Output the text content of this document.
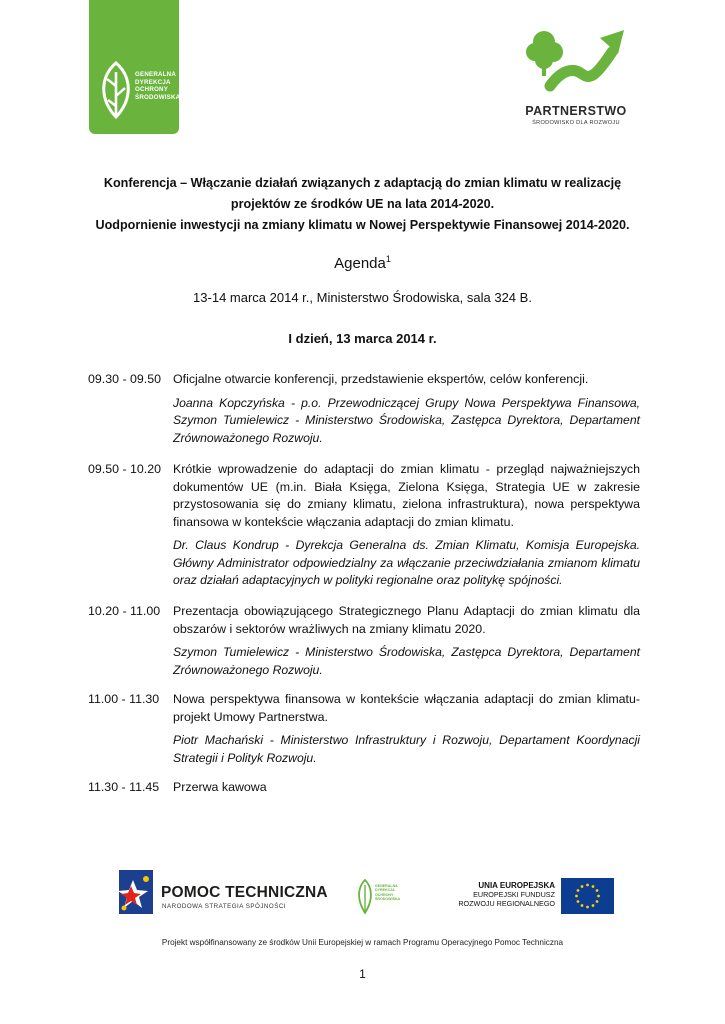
GENERALNA
DYREKCJA
OCHRONY
ŚRODOWISKA
PARTNERSTWO
ŚRODOWISKO DLA ROZWOJU
Konferencja – Włączanie działań związanych z adaptacją do zmian klimatu w realizację
projektów ze środków UE na lata 2014-2020.
Uodpornienie inwestycji na zmiany klimatu w Nowej Perspektywie Finansowej 2014-2020.
Agenda$^1$
13-14 marca 2014 r., Ministerstwo Środowiska, sala 324 B.
I dzień, 13 marca 2014 r.
09.30 - 09.50 Oficjalne otwarcie konferencji, przedstawienie ekspertów, celów konferencji.
Joanna Kopczyńska - p.o. Przewodniczącej Grupy Nowa Perspektywa Finansowa, Szymon Tumielewicz - Ministerstwo Środowiska, Zastępca Dyrektora, Departament Zrównoważonego Rozwoju.
09.50 - 10.20 Krótkie wprowadzenie do adaptacji do zmian klimatu - przegląd najważniejszych dokumentów UE (m.in. Biała Księga, Zielona Księga, Strategia UE w zakresie przystosowania się do zmiany klimatu, zielona infrastruktura), nowa perspektywa finansowa w kontekście włączania adaptacji do zmian klimatu.
Dr. Claus Kondrup - Dyrekcja Generalna ds. Zmian Klimatu, Komisja Europejska. Główny Administrator odpowiedzialny za włączanie przeciwdziałania zmianom klimatu oraz działań adaptacyjnych w polityki regionalne oraz politykę spójności.
10.20 - 11.00 Prezentacja obowiązującego Strategicznego Planu Adaptacji do zmian klimatu dla obszarów i sektorów wrażliwych na zmiany klimatu 2020.
Szymon Tumielewicz - Ministerstwo Środowiska, Zastępca Dyrektora, Departament Zrównoważonego Rozwoju.
11.00 - 11.30 Nowa perspektywa finansowa w kontekście włączania adaptacji do zmian klimatu- projekt Umowy Partnerstwa.
Piotr Machański - Ministerstwo Infrastruktury i Rozwoju, Departament Koordynacji Strategii i Polityk Rozwoju.
11.30 - 11.45 Przerwa kawowa
POMOC TECHNICZNA
NARODOWA STRATEGIA SPÓJNOŚCI
GENERALNA
DYREKCJA
OCHRONY
ŚRODOWISKA
UNIA EUROPEJSKA
EUROPEJSKI FUNDUSZ
ROZWOJU REGIONALNEGO
Projekt współfinansowany ze środków Unii Europejskiej w ramach Programu Operacyjnego Pomoc Techniczna
1
